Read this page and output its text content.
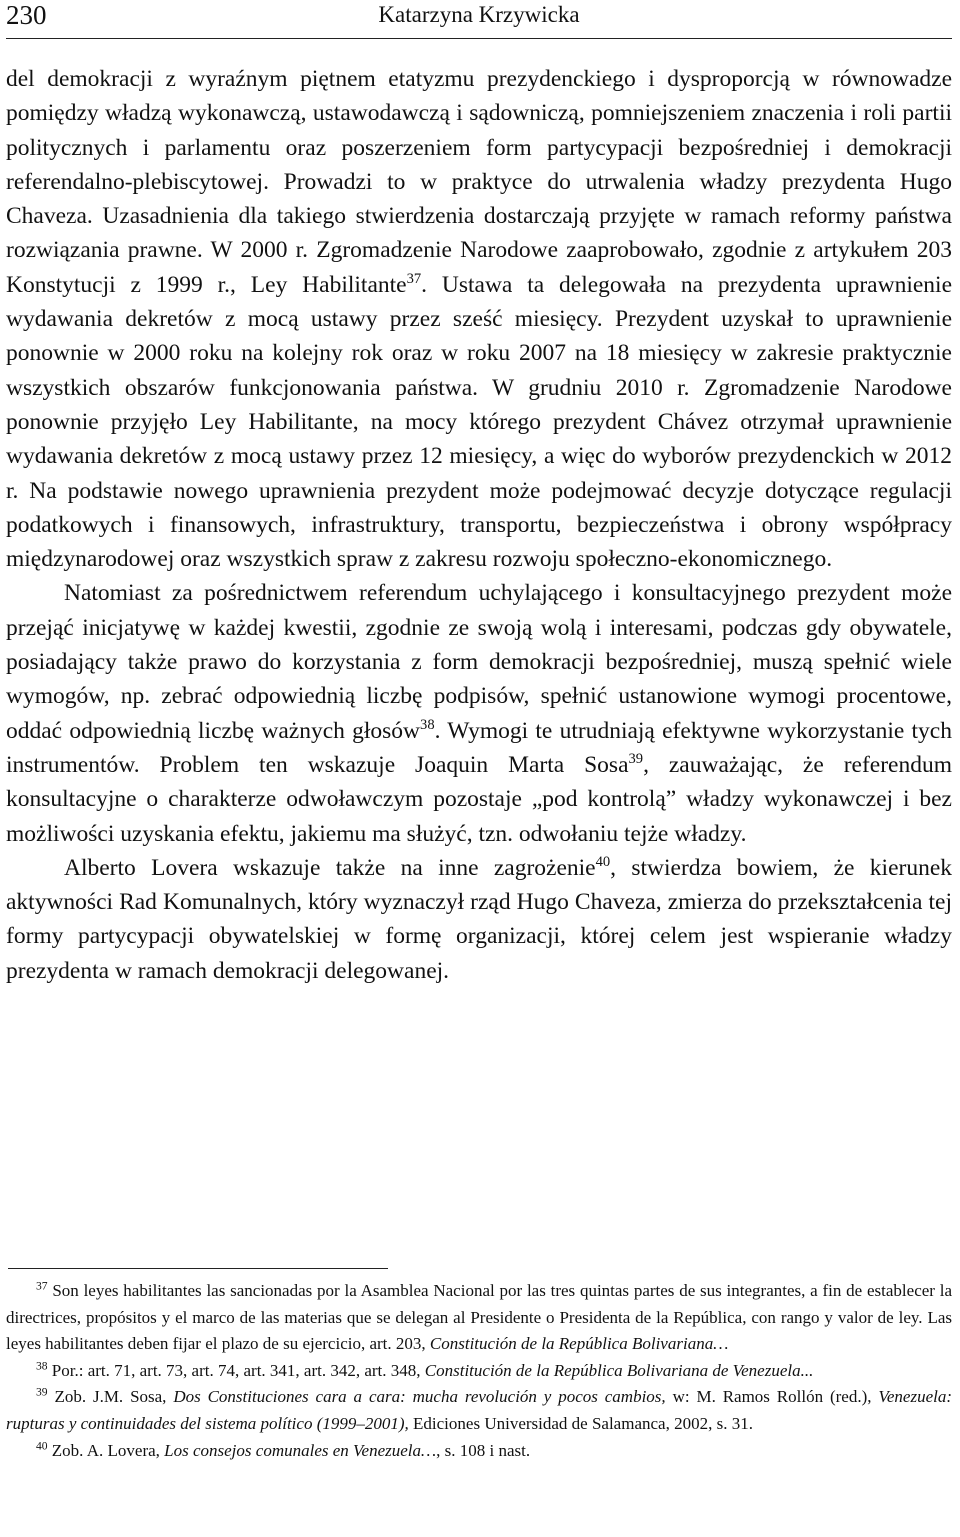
230	Katarzyna Krzywicka

del demokracji z wyraźnym piętnem etatyzmu prezydenckiego i dysproporcją w równowadze pomiędzy władzą wykonawczą, ustawodawczą i sądowniczą, pomniejszeniem znaczenia i roli partii politycznych i parlamentu oraz poszerzeniem form partycypacji bezpośredniej i demokracji referendalno-plebiscytowej. Prowadzi to w praktyce do utrwalenia władzy prezydenta Hugo Chaveza. Uzasadnienia dla takiego stwierdzenia dostarczają przyjęte w ramach reformy państwa rozwiązania prawne. W 2000 r. Zgromadzenie Narodowe zaaprobowało, zgodnie z artykułem 203 Konstytucji z 1999 r., Ley Habilitante$^{37}$. Ustawa ta delegowała na prezydenta uprawnienie wydawania dekretów z mocą ustawy przez sześć miesięcy. Prezydent uzyskał to uprawnienie ponownie w 2000 roku na kolejny rok oraz w roku 2007 na 18 miesięcy w zakresie praktycznie wszystkich obszarów funkcjonowania państwa. W grudniu 2010 r. Zgromadzenie Narodowe ponownie przyjęło Ley Habilitante, na mocy którego prezydent Chávez otrzymał uprawnienie wydawania dekretów z mocą ustawy przez 12 miesięcy, a więc do wyborów prezydenckich w 2012 r. Na podstawie nowego uprawnienia prezydent może podejmować decyzje dotyczące regulacji podatkowych i finansowych, infrastruktury, transportu, bezpieczeństwa i obrony współpracy międzynarodowej oraz wszystkich spraw z zakresu rozwoju społeczno-ekonomicznego.

Natomiast za pośrednictwem referendum uchylającego i konsultacyjnego prezydent może przejąć inicjatywę w każdej kwestii, zgodnie ze swoją wolą i interesami, podczas gdy obywatele, posiadający także prawo do korzystania z form demokracji bezpośredniej, muszą spełnić wiele wymogów, np. zebrać odpowiednią liczbę podpisów, spełnić ustanowione wymogi procentowe, oddać odpowiednią liczbę ważnych głosów$^{38}$. Wymogi te utrudniają efektywne wykorzystanie tych instrumentów. Problem ten wskazuje Joaquin Marta Sosa$^{39}$, zauważając, że referendum konsultacyjne o charakterze odwoławczym pozostaje „pod kontrolą” władzy wykonawczej i bez możliwości uzyskania efektu, jakiemu ma służyć, tzn. odwołaniu tejże władzy.

Alberto Lovera wskazuje także na inne zagrożenie$^{40}$, stwierdza bowiem, że kierunek aktywności Rad Komunalnych, który wyznaczył rząd Hugo Chaveza, zmierza do przekształcenia tej formy partycypacji obywatelskiej w formę organizacji, której celem jest wspieranie władzy prezydenta w ramach demokracji delegowanej.

$^{37}$ Son leyes habilitantes las sancionadas por la Asamblea Nacional por las tres quintas partes de sus integrantes, a fin de establecer la directrices, propósitos y el marco de las materias que se delegan al Presidente o Presidenta de la República, con rango y valor de ley. Las leyes habilitantes deben fijar el plazo de su ejercicio, art. 203, Constitución de la República Bolivariana…

$^{38}$ Por.: art. 71, art. 73, art. 74, art. 341, art. 342, art. 348, Constitución de la República Bolivariana de Venezuela...

$^{39}$ Zob. J.M. Sosa, Dos Constituciones cara a cara: mucha revolución y pocos cambios, w: M. Ramos Rollón (red.), Venezuela: rupturas y continuidades del sistema político (1999–2001), Ediciones Universidad de Salamanca, 2002, s. 31.

$^{40}$ Zob. A. Lovera, Los consejos comunales en Venezuela…, s. 108 i nast.
